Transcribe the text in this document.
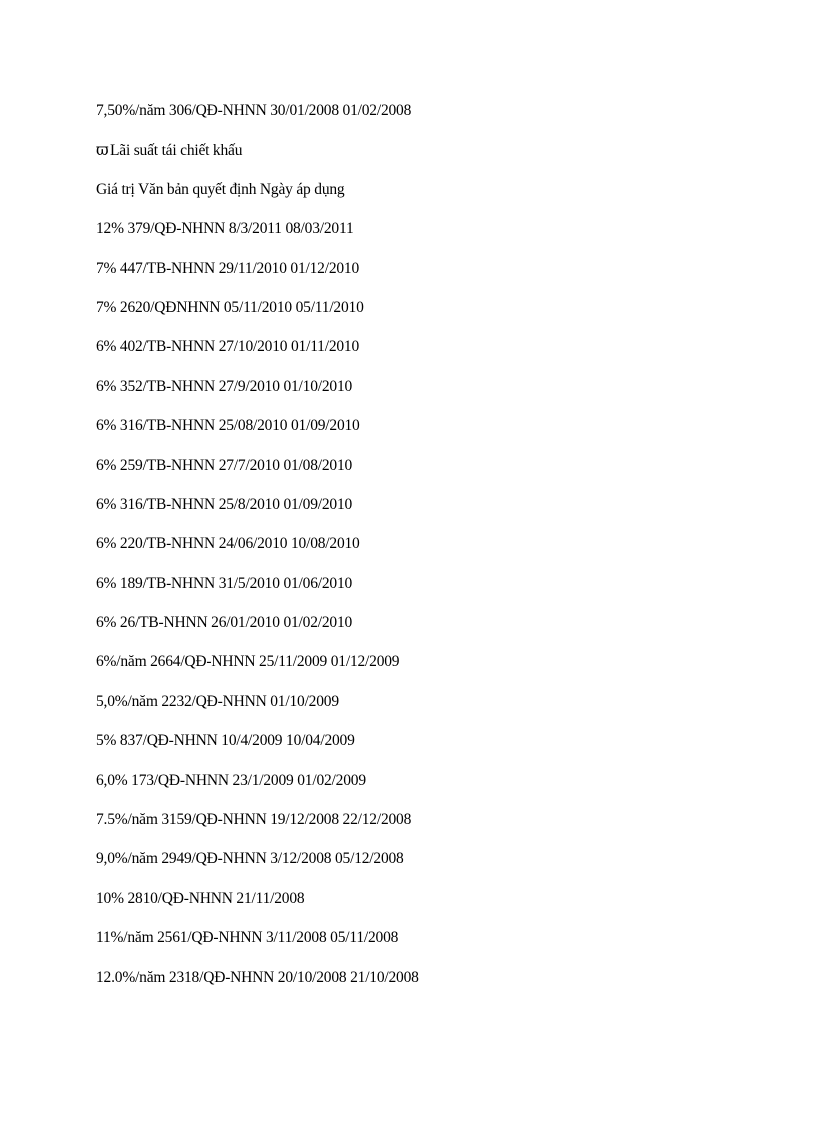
7,50%/năm 306/QĐ-NHNN 30/01/2008 01/02/2008
ϖLãi suất tái chiết khấu
Giá trị Văn bản quyết định Ngày áp dụng
12% 379/QĐ-NHNN 8/3/2011 08/03/2011
7% 447/TB-NHNN 29/11/2010 01/12/2010
7% 2620/QĐNHNN 05/11/2010 05/11/2010
6% 402/TB-NHNN 27/10/2010 01/11/2010
6% 352/TB-NHNN 27/9/2010 01/10/2010
6% 316/TB-NHNN 25/08/2010 01/09/2010
6% 259/TB-NHNN 27/7/2010 01/08/2010
6% 316/TB-NHNN 25/8/2010 01/09/2010
6% 220/TB-NHNN 24/06/2010 10/08/2010
6% 189/TB-NHNN 31/5/2010 01/06/2010
6% 26/TB-NHNN 26/01/2010 01/02/2010
6%/năm 2664/QĐ-NHNN 25/11/2009 01/12/2009
5,0%/năm 2232/QĐ-NHNN 01/10/2009
5% 837/QĐ-NHNN 10/4/2009 10/04/2009
6,0% 173/QĐ-NHNN 23/1/2009 01/02/2009
7.5%/năm 3159/QĐ-NHNN 19/12/2008 22/12/2008
9,0%/năm 2949/QĐ-NHNN 3/12/2008 05/12/2008
10% 2810/QĐ-NHNN 21/11/2008
11%/năm 2561/QĐ-NHNN 3/11/2008 05/11/2008
12.0%/năm 2318/QĐ-NHNN 20/10/2008 21/10/2008
